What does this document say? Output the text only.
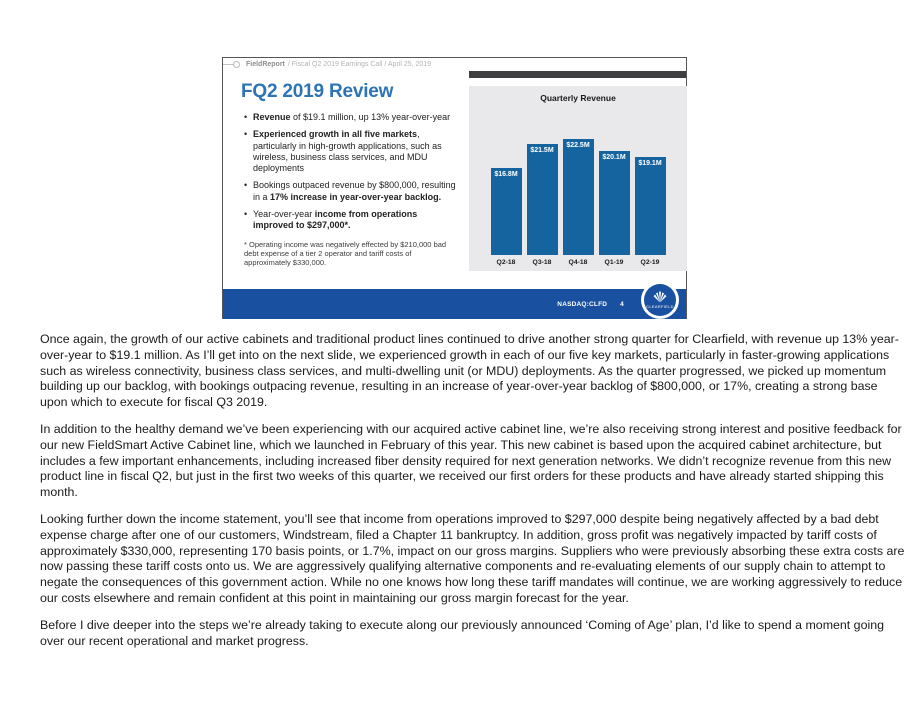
FieldReport / Fiscal Q2 2019 Earnings Call / April 25, 2019
FQ2 2019 Review
• Revenue of $19.1 million, up 13% year-over-year
• Experienced growth in all five markets, particularly in high-growth applications, such as wireless, business class services, and MDU deployments
• Bookings outpaced revenue by $800,000, resulting in a 17% increase in year-over-year backlog.
• Year-over-year income from operations improved to $297,000*.

* Operating income was negatively effected by $210,000 bad debt expense of a tier 2 operator and tariff costs of approximately $330,000.

Quarterly Revenue
$16.8M
Q2-18
$21.5M
Q3-18
$22.5M
Q4-18
$20.1M
Q1-19
$19.1M
Q2-19
NASDAQ:CLFD 4	CLEARFIELD

Once again, the growth of our active cabinets and traditional product lines continued to drive another strong quarter for Clearfield, with revenue up 13% year-over-year to $19.1 million. As I’ll get into on the next slide, we experienced growth in each of our five key markets, particularly in faster-growing applications such as wireless connectivity, business class services, and multi-dwelling unit (or MDU) deployments. As the quarter progressed, we picked up momentum building up our backlog, with bookings outpacing revenue, resulting in an increase of year-over-year backlog of $800,000, or 17%, creating a strong base upon which to execute for fiscal Q3 2019.

In addition to the healthy demand we’ve been experiencing with our acquired active cabinet line, we’re also receiving strong interest and positive feedback for our new FieldSmart Active Cabinet line, which we launched in February of this year. This new cabinet is based upon the acquired cabinet architecture, but includes a few important enhancements, including increased fiber density required for next generation networks. We didn’t recognize revenue from this new product line in fiscal Q2, but just in the first two weeks of this quarter, we received our first orders for these products and have already started shipping this month.

Looking further down the income statement, you’ll see that income from operations improved to $297,000 despite being negatively affected by a bad debt expense charge after one of our customers, Windstream, filed a Chapter 11 bankruptcy. In addition, gross profit was negatively impacted by tariff costs of approximately $330,000, representing 170 basis points, or 1.7%, impact on our gross margins. Suppliers who were previously absorbing these extra costs are now passing these tariff costs onto us. We are aggressively qualifying alternative components and re-evaluating elements of our supply chain to attempt to negate the consequences of this government action. While no one knows how long these tariff mandates will continue, we are working aggressively to reduce our costs elsewhere and remain confident at this point in maintaining our gross margin forecast for the year.

Before I dive deeper into the steps we’re already taking to execute along our previously announced ‘Coming of Age’ plan, I’d like to spend a moment going over our recent operational and market progress.
